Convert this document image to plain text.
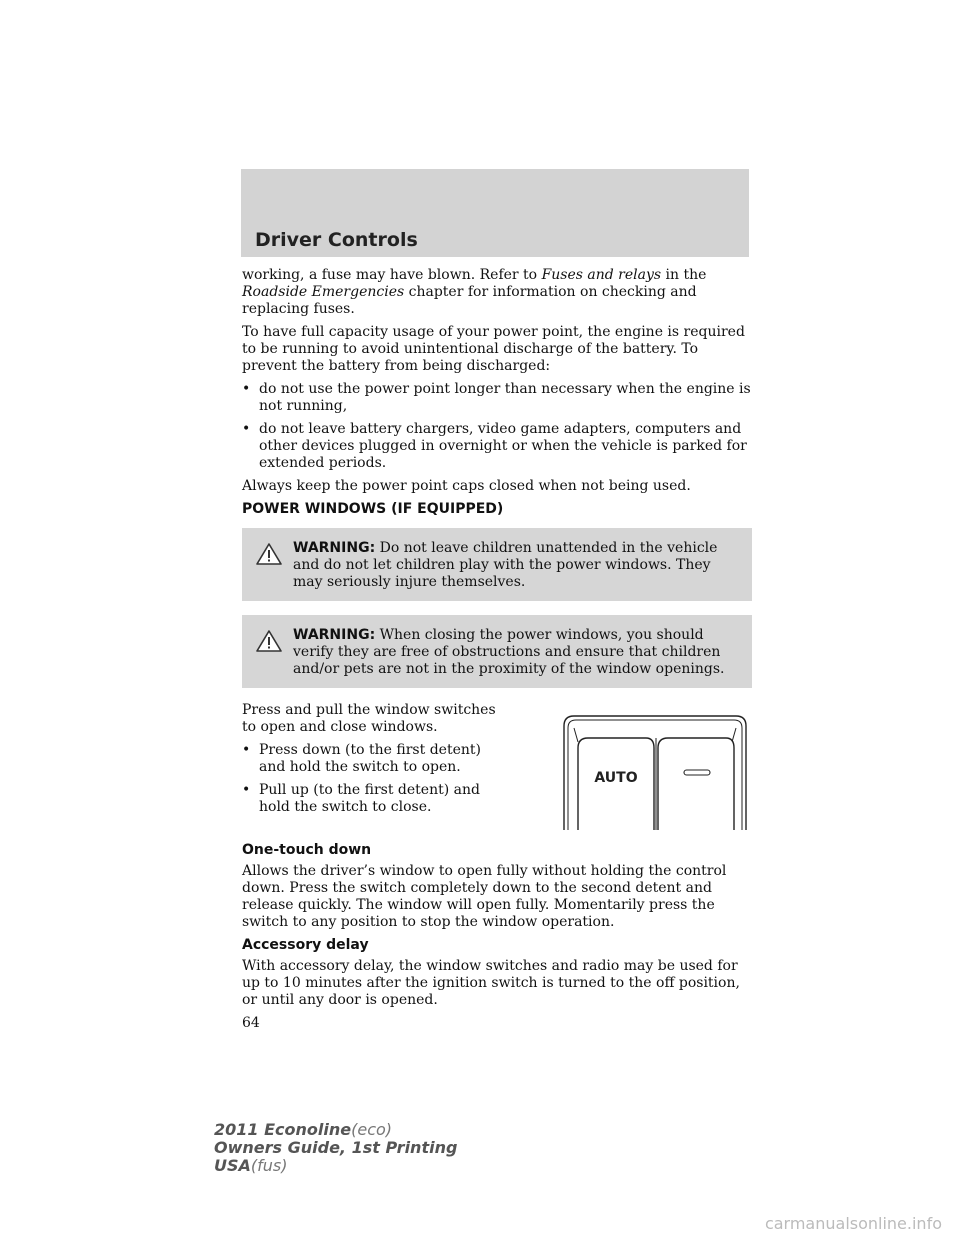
Driver Controls

working, a fuse may have blown. Refer to Fuses and relays in the Roadside Emergencies chapter for information on checking and replacing fuses.

To have full capacity usage of your power point, the engine is required to be running to avoid unintentional discharge of the battery. To prevent the battery from being discharged:

• do not use the power point longer than necessary when the engine is not running,
• do not leave battery chargers, video game adapters, computers and other devices plugged in overnight or when the vehicle is parked for extended periods.

Always keep the power point caps closed when not being used.

POWER WINDOWS (IF EQUIPPED)

WARNING: Do not leave children unattended in the vehicle and do not let children play with the power windows. They may seriously injure themselves.
WARNING: When closing the power windows, you should verify they are free of obstructions and ensure that children and/or pets are not in the proximity of the window openings.

Press and pull the window switches to open and close windows.

• Press down (to the first detent) and hold the switch to open.
• Pull up (to the first detent) and hold the switch to close.
AUTO

One-touch down

Allows the driver’s window to open fully without holding the control down. Press the switch completely down to the second detent and release quickly. The window will open fully. Momentarily press the switch to any position to stop the window operation.

Accessory delay

With accessory delay, the window switches and radio may be used for up to 10 minutes after the ignition switch is turned to the off position, or until any door is opened.

64

2011 Econoline(eco)
Owners Guide, 1st Printing
USA(fus)
carmanualsonline.info
